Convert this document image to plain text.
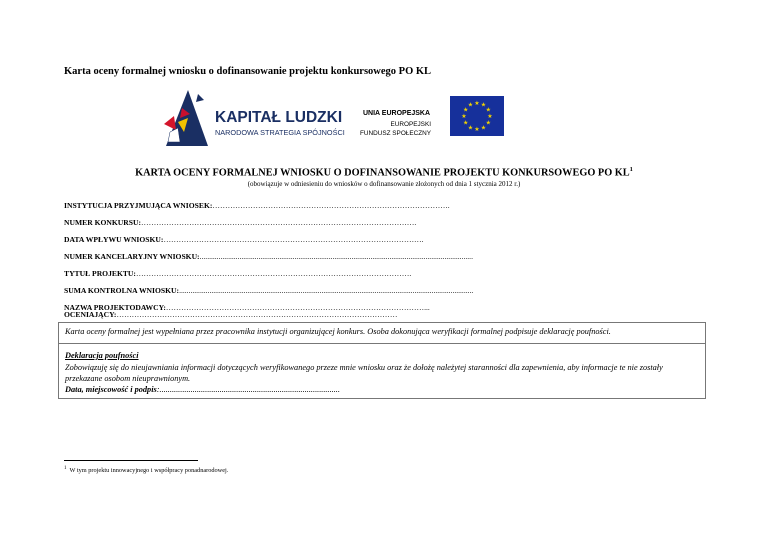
Karta oceny formalnej wniosku o dofinansowanie projektu konkursowego PO KL
KAPITAŁ LUDZKI
NARODOWA STRATEGIA SPÓJNOŚCI
UNIA EUROPEJSKA
EUROPEJSKI
FUNDUSZ SPOŁECZNY
★
★
★
★
★
★
★
★
★ ★ ★
★
KARTA OCENY FORMALNEJ WNIOSKU O DOFINANSOWANIE PROJEKTU KONKURSOWEGO PO $KL^1$
(obowiązuje w odniesieniu do wniosków o dofinansowanie złożonych od dnia 1 stycznia 2012 r.)
INSTYTUCJA PRZYJMUJĄCA WNIOSEK:………………………………………………………………………………….
NUMER KONKURSU:……………………………………………………………………………………………….
DATA WPŁYWU WNIOSKU:………………………………………………………………………………………….
NUMER KANCELARYJNY WNIOSKU:................................................................................................................................................
TYTUŁ PROJEKTU:……………………………………………………………………………………………….
SUMA KONTROLNA WNIOSKU:...........................................................................................................................................................
NAZWA PROJEKTODAWCY:…………………………………………………………………………………………...
OCENIAJĄCY:…………………………………………………………………………………………………
Karta oceny formalnej jest wypełniana przez pracownika instytucji organizującej konkurs. Osoba dokonująca weryfikacji formalnej podpisuje deklarację poufności.
Deklaracja poufności
Zobowiązuję się do nieujawniania informacji dotyczących weryfikowanego przeze mnie wniosku oraz że dołożę należytej staranności dla zapewnienia, aby informacje te nie zostały przekazane osobom nieuprawnionym.
Data, miejscowość i podpis:.......................................................................................
$^1$ W tym projektu innowacyjnego i współpracy ponadnarodowej.
